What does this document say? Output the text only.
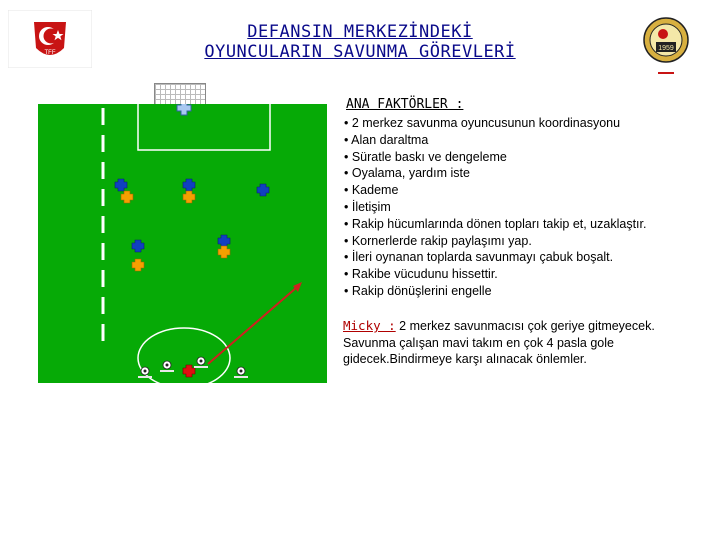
TFF
DEFANSIN MERKEZİNDEKİ
OYUNCULARIN SAVUNMA GÖREVLERİ	1959
ANA FAKTÖRLER :
• 2 merkez savunma oyuncusunun koordinasyonu
• Alan daraltma
• Süratle baskı ve dengeleme
• Oyalama, yardım iste
• Kademe
• İletişim
• Rakip hücumlarında dönen topları takip et, uzaklaştır.
• Kornerlerde rakip paylaşımı yap.
• İleri oynanan toplarda savunmayı çabuk boşalt.
• Rakibe vücudunu hissettir.
• Rakip dönüşlerini engelle
Micky : 2 merkez savunmacısı çok geriye gitmeyecek. Savunma çalışan mavi takım en çok 4 pasla gole gidecek.Bindirmeye karşı alınacak önlemler.
